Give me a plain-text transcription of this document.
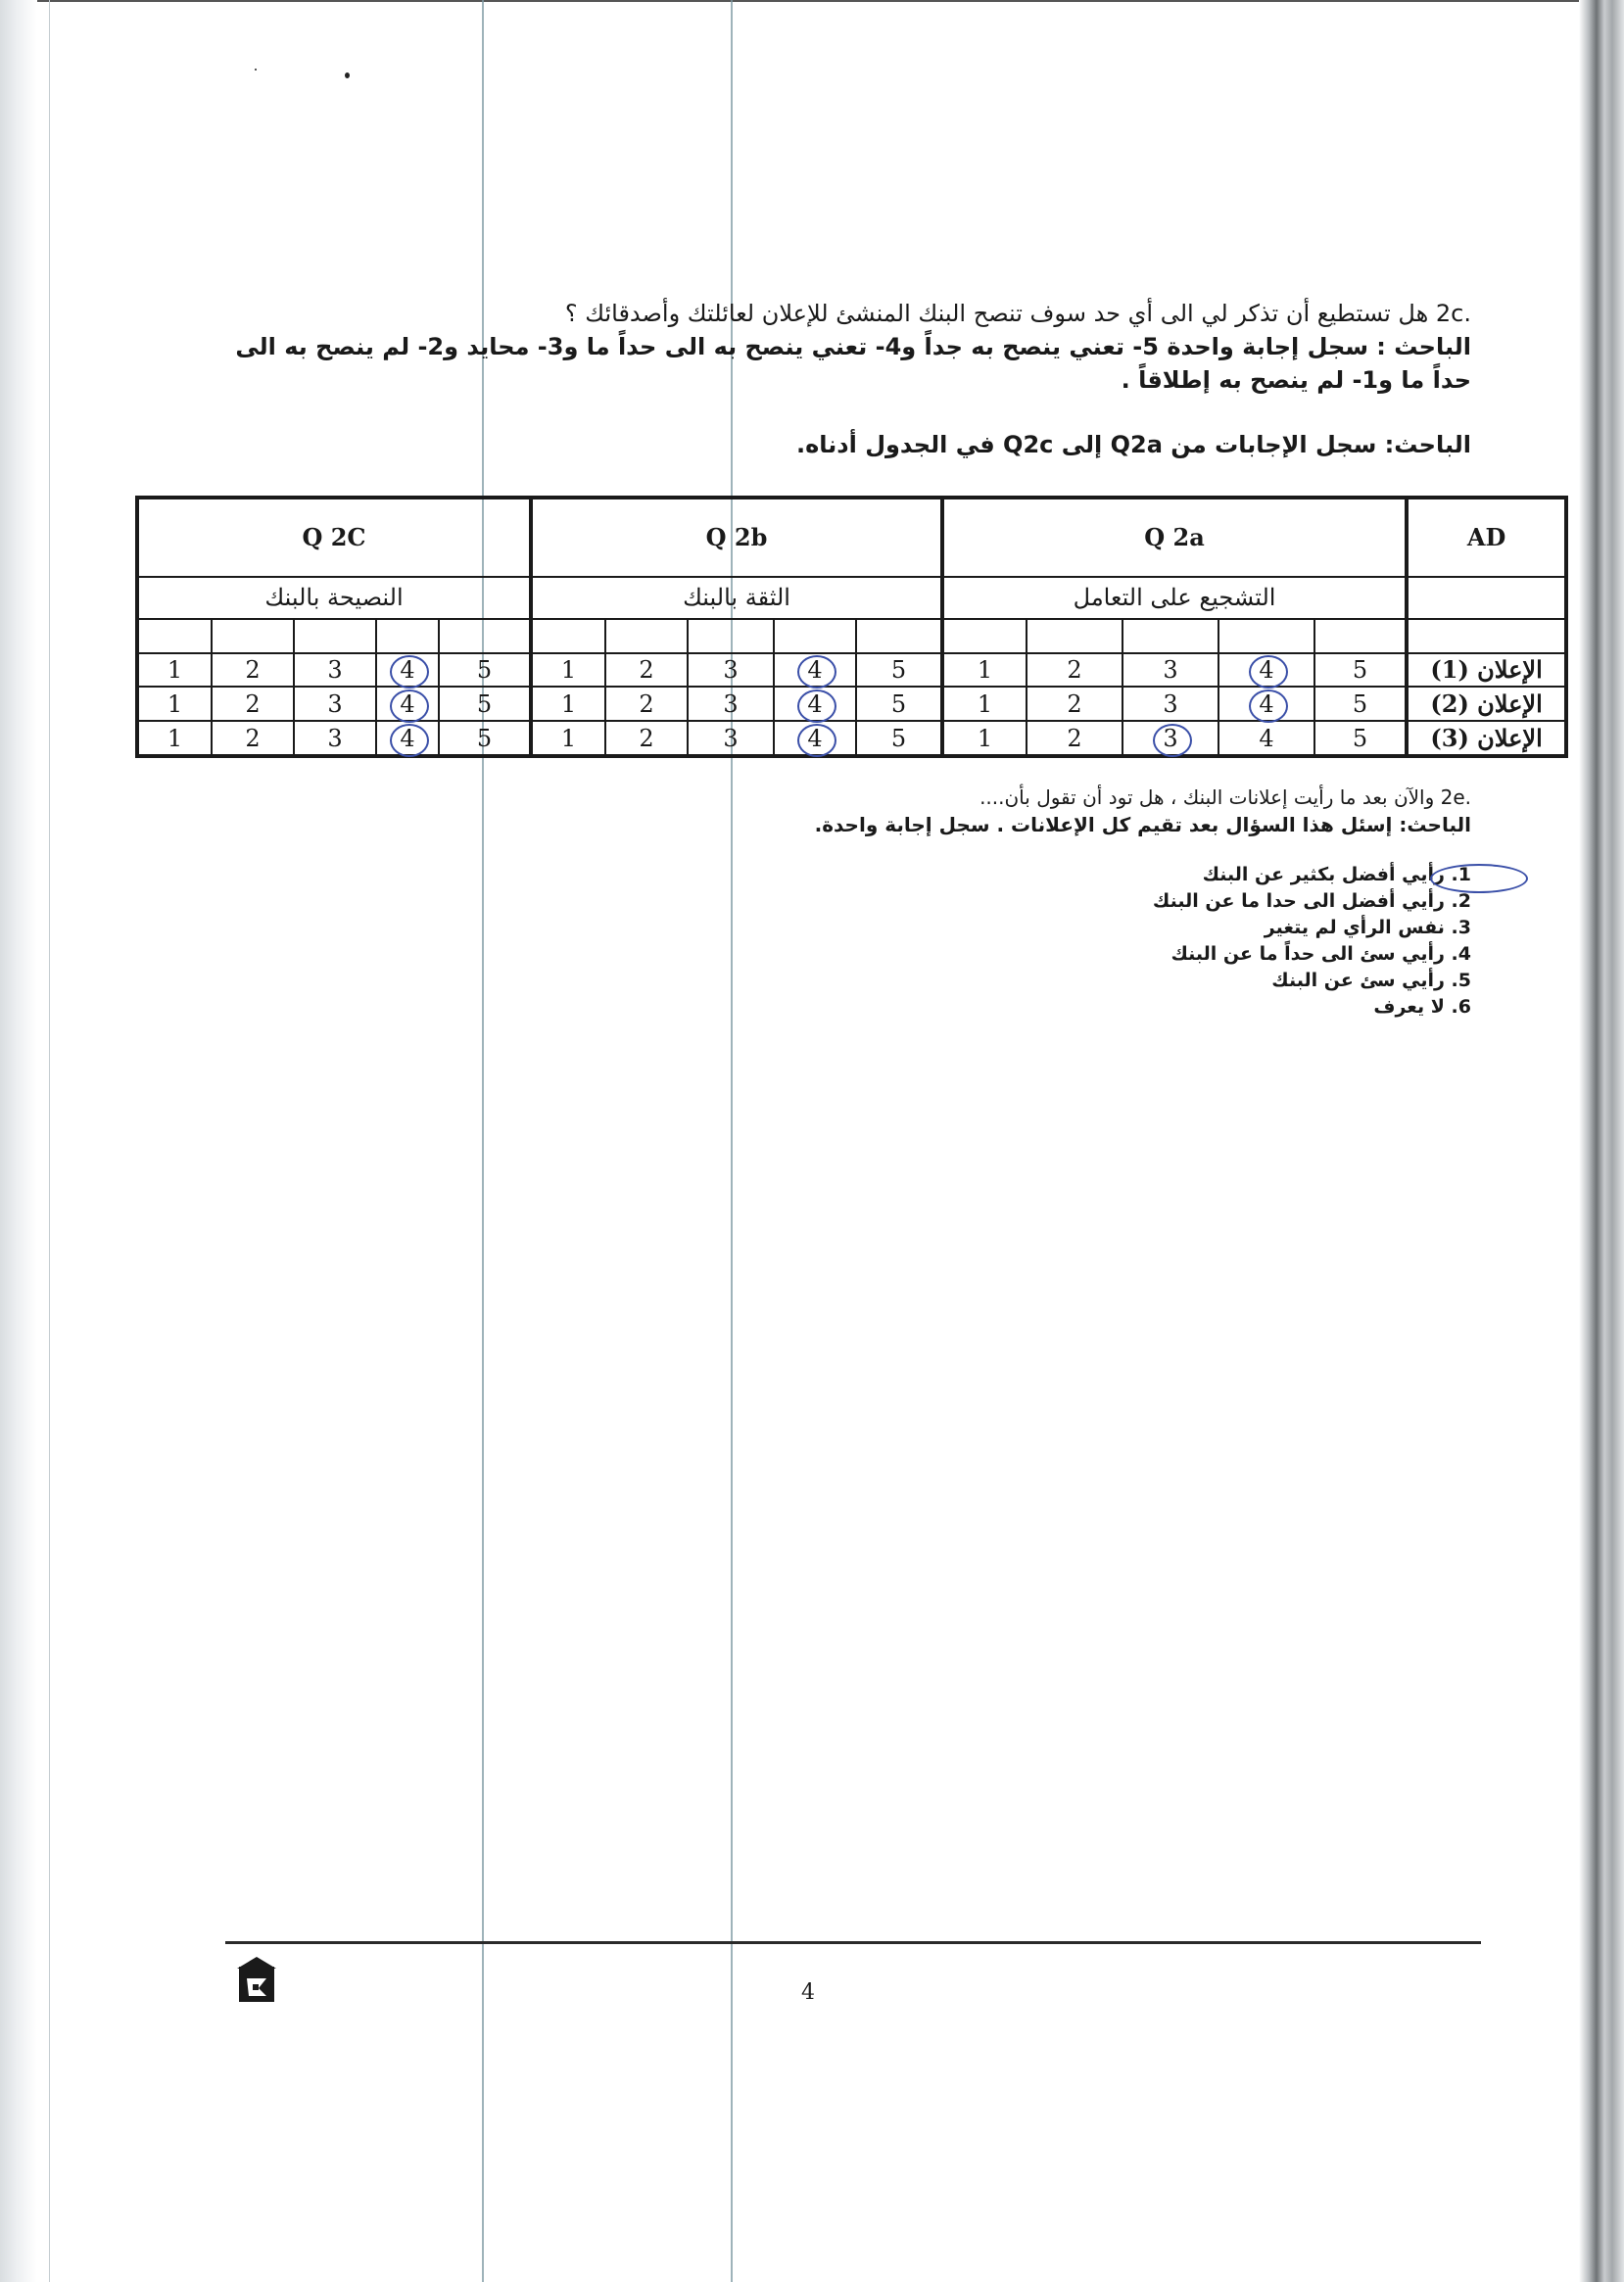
.2c هل تستطيع أن تذكر لي الى أي حد سوف تنصح البنك المنشئ للإعلان لعائلتك وأصدقائك ؟

الباحث : سجل إجابة واحدة 5- تعني ينصح به جداً و4- تعني ينصح به الى حداً ما و3- محايد و2- لم ينصح به الى حداً ما و1- لم ينصح به إطلاقاً .

الباحث: سجل الإجابات من Q2a إلى Q2c في الجدول أدناه.
Q 2C					Q 2b					Q 2a					AD
النصيحة بالبنك					الثقة بالبنك					التشجيع على التعامل					

1	2	3	4	5	1	2	3	4	5	1	2	3	4	5	الإعلان (1)
1	2	3	4	5	1	2	3	4	5	1	2	3	4	5	الإعلان (2)
1	2	3	4	5	1	2	3	4	5	1	2	3	4	5	الإعلان (3)

.2e والآن بعد ما رأيت إعلانات البنك ، هل تود أن تقول بأن....

الباحث: إسئل هذا السؤال بعد تقيم كل الإعلانات . سجل إجابة واحدة.

1. رأيي أفضل بكثير عن البنك
2. رأيي أفضل الى حدا ما عن البنك
3. نفس الرأي لم يتغير
4. رأيي سئ الى حداً ما عن البنك
5. رأيي سئ عن البنك
6. لا يعرف
4
